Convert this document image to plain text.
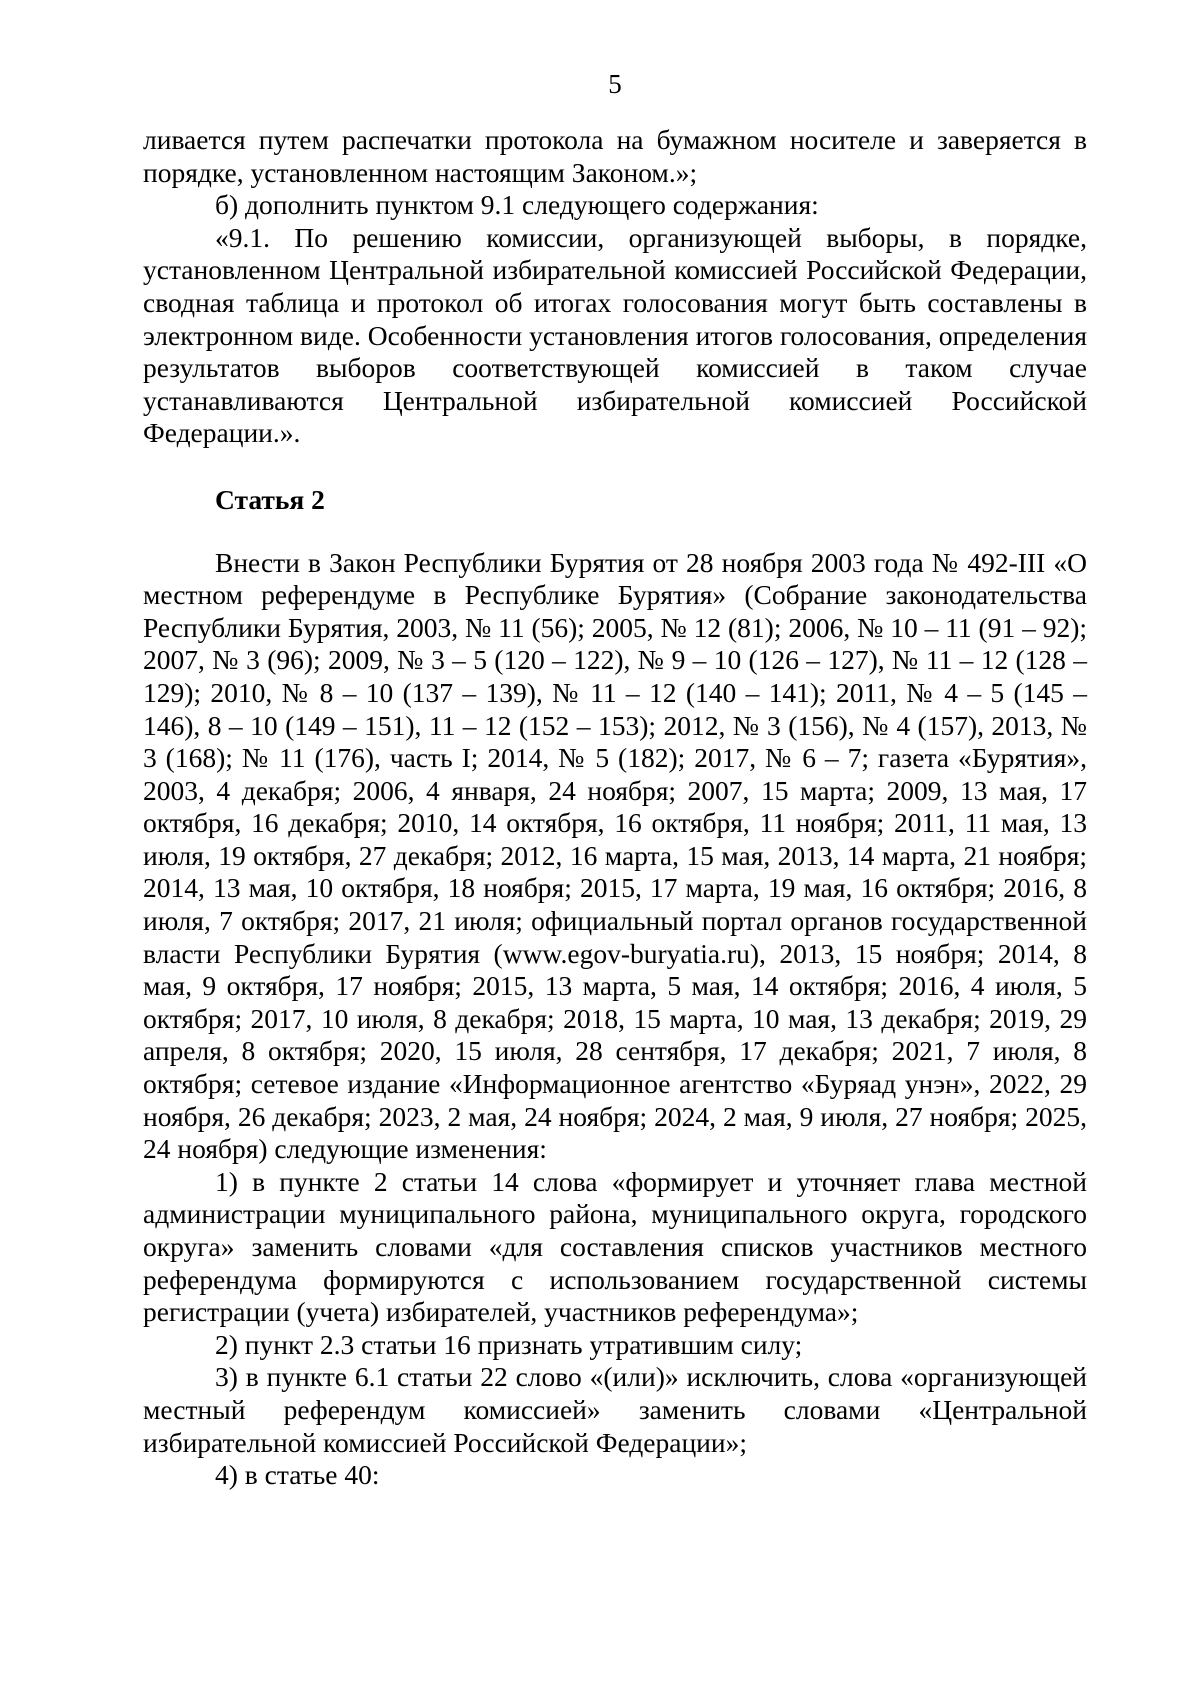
5

ливается путем распечатки протокола на бумажном носителе и заверяется в порядке, установленном настоящим Законом.»;

б) дополнить пунктом 9.1 следующего содержания:

«9.1. По решению комиссии, организующей выборы, в порядке, установленном Центральной избирательной комиссией Российской Федерации, сводная таблица и протокол об итогах голосования могут быть составлены в электронном виде. Особенности установления итогов голосования, определения результатов выборов соответствующей комиссией в таком случае устанавливаются Центральной избирательной комиссией Российской Федерации.».

Статья 2

Внести в Закон Республики Бурятия от 28 ноября 2003 года № 492-III «О местном референдуме в Республике Бурятия» (Собрание законодательства Республики Бурятия, 2003, № 11 (56); 2005, № 12 (81); 2006, № 10 – 11 (91 – 92); 2007, № 3 (96); 2009, № 3 – 5 (120 – 122), № 9 – 10 (126 – 127), № 11 – 12 (128 – 129); 2010, № 8 – 10 (137 – 139), № 11 – 12 (140 – 141); 2011, № 4 – 5 (145 – 146), 8 – 10 (149 – 151), 11 – 12 (152 – 153); 2012, № 3 (156), № 4 (157), 2013, № 3 (168); № 11 (176), часть I; 2014, № 5 (182); 2017, № 6 – 7; газета «Бурятия», 2003, 4 декабря; 2006, 4 января, 24 ноября; 2007, 15 марта; 2009, 13 мая, 17 октября, 16 декабря; 2010, 14 октября, 16 октября, 11 ноября; 2011, 11 мая, 13 июля, 19 октября, 27 декабря; 2012, 16 марта, 15 мая, 2013, 14 марта, 21 ноября; 2014, 13 мая, 10 октября, 18 ноября; 2015, 17 марта, 19 мая, 16 октября; 2016, 8 июля, 7 октября; 2017, 21 июля; официальный портал органов государственной власти Республики Бурятия (www.egov-buryatia.ru), 2013, 15 ноября; 2014, 8 мая, 9 октября, 17 ноября; 2015, 13 марта, 5 мая, 14 октября; 2016, 4 июля, 5 октября; 2017, 10 июля, 8 декабря; 2018, 15 марта, 10 мая, 13 декабря; 2019, 29 апреля, 8 октября; 2020, 15 июля, 28 сентября, 17 декабря; 2021, 7 июля, 8 октября; сетевое издание «Информационное агентство «Буряад унэн», 2022, 29 ноября, 26 декабря; 2023, 2 мая, 24 ноября; 2024, 2 мая, 9 июля, 27 ноября; 2025, 24 ноября) следующие изменения:

1) в пункте 2 статьи 14 слова «формирует и уточняет глава местной администрации муниципального района, муниципального округа, городского округа» заменить словами «для составления списков участников местного референдума формируются с использованием государственной системы регистрации (учета) избирателей, участников референдума»;

2) пункт 2.3 статьи 16 признать утратившим силу;

3) в пункте 6.1 статьи 22 слово «(или)» исключить, слова «организующей местный референдум комиссией» заменить словами «Центральной избирательной комиссией Российской Федерации»;

4) в статье 40:
